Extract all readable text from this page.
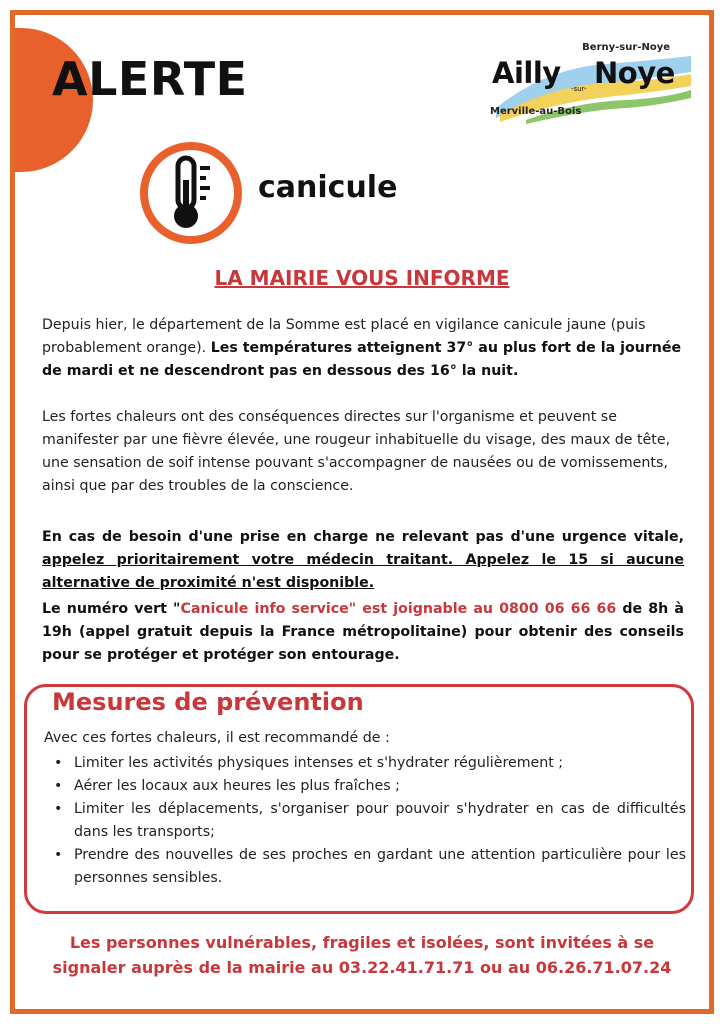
ALERTE
canicule
Berny-sur-Noye
Ailly -sur- Noye
Merville-au-Bois
LA MAIRIE VOUS INFORME
Depuis hier, le département de la Somme est placé en vigilance canicule jaune (puis probablement orange). Les températures atteignent 37° au plus fort de la journée de mardi et ne descendront pas en dessous des 16° la nuit.
Les fortes chaleurs ont des conséquences directes sur l'organisme et peuvent se manifester par une fièvre élevée, une rougeur inhabituelle du visage, des maux de tête, une sensation de soif intense pouvant s'accompagner de nausées ou de vomissements, ainsi que par des troubles de la conscience.
En cas de besoin d'une prise en charge ne relevant pas d'une urgence vitale, appelez prioritairement votre médecin traitant. Appelez le 15 si aucune alternative de proximité n'est disponible.
Le numéro vert "Canicule info service" est joignable au 0800 06 66 66 de 8h à 19h (appel gratuit depuis la France métropolitaine) pour obtenir des conseils pour se protéger et protéger son entourage.
Mesures de prévention
Avec ces fortes chaleurs, il est recommandé de :
• Limiter les activités physiques intenses et s'hydrater régulièrement ;
• Aérer les locaux aux heures les plus fraîches ;
• Limiter les déplacements, s'organiser pour pouvoir s'hydrater en cas de difficultés dans les transports;
• Prendre des nouvelles de ses proches en gardant une attention particulière pour les personnes sensibles.
Les personnes vulnérables, fragiles et isolées, sont invitées à se
signaler auprès de la mairie au 03.22.41.71.71 ou au 06.26.71.07.24
